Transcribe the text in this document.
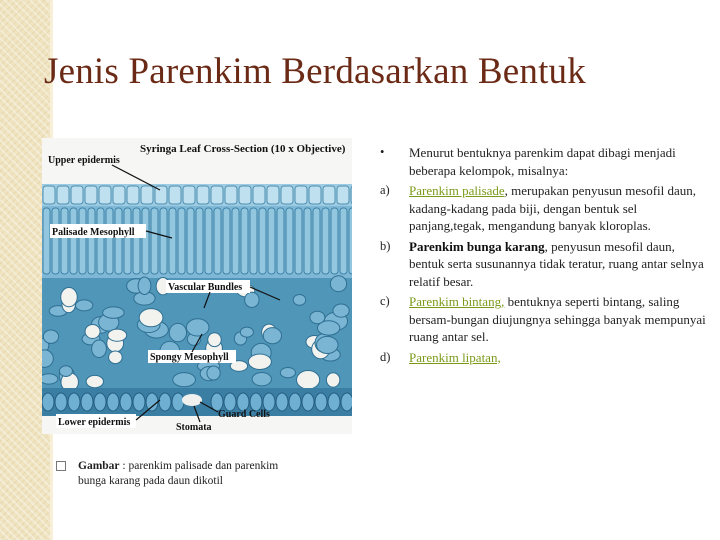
Jenis Parenkim Berdasarkan Bentuk
Syringa Leaf Cross-Section (10 x Objective)
Upper epidermis
Palisade Mesophyll
Vascular Bundles
Spongy Mesophyll
Lower epidermis
Guard Cells
Stomata
Gambar : parenkim palisade dan parenkim bunga karang pada daun dikotil
•	Menurut bentuknya parenkim dapat dibagi menjadi beberapa kelompok, misalnya:
a)	Parenkim palisade, merupakan penyusun mesofil daun, kadang-kadang pada biji, dengan bentuk sel panjang,tegak, mengandung banyak kloroplas.
b)	Parenkim bunga karang, penyusun mesofil daun, bentuk serta susunannya tidak teratur, ruang antar selnya relatif besar.
c)	Parenkim bintang, bentuknya seperti bintang, saling bersam-bungan diujungnya sehingga banyak mempunyai ruang antar sel.
d)	Parenkim lipatan,
